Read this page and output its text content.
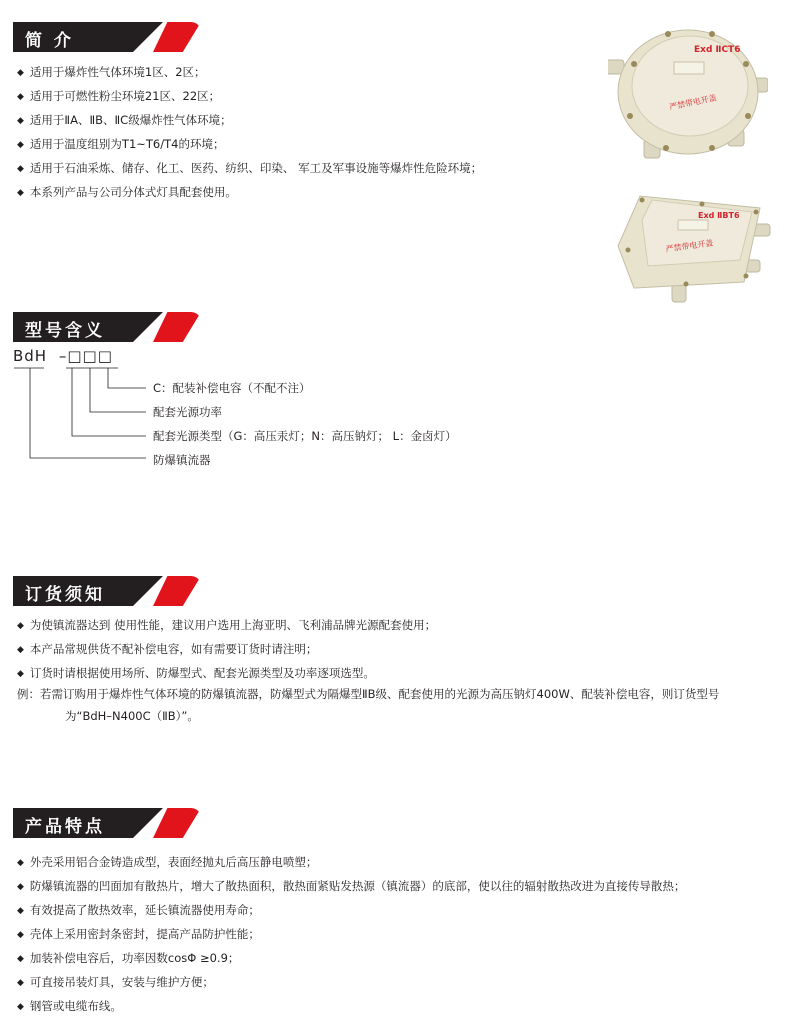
简 介
◆ 适用于爆炸性气体环境1区、2区；
◆ 适用于可燃性粉尘环境21区、22区；
◆ 适用于ⅡA、ⅡB、ⅡC级爆炸性气体环境；
◆ 适用于温度组别为T1~T6/T4的环境；
◆ 适用于石油采炼、储存、化工、医药、纺织、印染、 军工及军事设施等爆炸性危险环境；
◆ 本系列产品与公司分体式灯具配套使用。
Exd ⅡCT6
严禁带电开盖
Exd ⅡBT6
严禁带电开盖
型号含义
BdH –□□□
C：配装补偿电容（不配不注）
配套光源功率
配套光源类型（G：高压汞灯；N：高压钠灯； L：金卤灯）
防爆镇流器
订货须知
◆ 为使镇流器达到 使用性能，建议用户选用上海亚明、飞利浦品牌光源配套使用；
◆ 本产品常规供货不配补偿电容，如有需要订货时请注明；
◆ 订货时请根据使用场所、防爆型式、配套光源类型及功率逐项选型。
例：若需订购用于爆炸性气体环境的防爆镇流器，防爆型式为隔爆型ⅡB级、配套使用的光源为高压钠灯400W、配装补偿电容，则订货型号
为“BdH–N400C（ⅡB）”。
产品特点
◆ 外壳采用铝合金铸造成型，表面经抛丸后高压静电喷塑；
◆ 防爆镇流器的凹面加有散热片，增大了散热面积，散热面紧贴发热源（镇流器）的底部，使以往的辐射散热改进为直接传导散热；
◆ 有效提高了散热效率，延长镇流器使用寿命；
◆ 壳体上采用密封条密封，提高产品防护性能；
◆ 加装补偿电容后，功率因数cosΦ ≥0.9；
◆ 可直接吊装灯具，安装与维护方便；
◆ 钢管或电缆布线。
